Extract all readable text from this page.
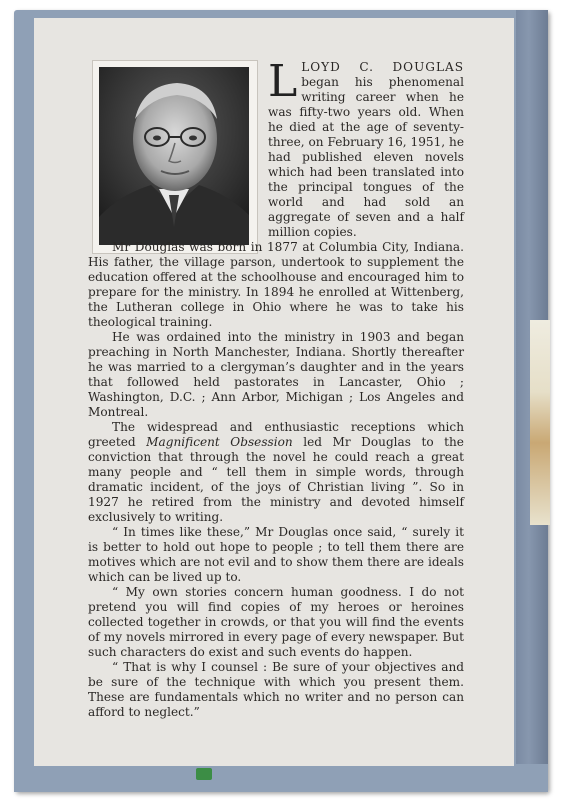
L LOYD C. DOUGLAS began his phenomenal writing career when he was fifty-two years old. When he died at the age of seventy-three, on February 16, 1951, he had published eleven novels which had been translated into the principal tongues of the world and had sold an aggregate of seven and a half million copies.

Mr Douglas was born in 1877 at Columbia City, Indiana. His father, the village parson, undertook to supplement the education offered at the schoolhouse and encouraged him to prepare for the ministry. In 1894 he enrolled at Wittenberg, the Lutheran college in Ohio where he was to take his theological training.

He was ordained into the ministry in 1903 and began preaching in North Manchester, Indiana. Shortly thereafter he was married to a clergyman’s daughter and in the years that followed held pastorates in Lancaster, Ohio ; Washington, D.C. ; Ann Arbor, Michigan ; Los Angeles and Montreal.

The widespread and enthusiastic receptions which greeted Magnificent Obsession led Mr Douglas to the conviction that through the novel he could reach a great many people and “ tell them in simple words, through dramatic incident, of the joys of Christian living ”. So in 1927 he retired from the ministry and devoted himself exclusively to writing.

“ In times like these,” Mr Douglas once said, “ surely it is better to hold out hope to people ; to tell them there are motives which are not evil and to show them there are ideals which can be lived up to.

“ My own stories concern human goodness. I do not pretend you will find copies of my heroes or heroines collected together in crowds, or that you will find the events of my novels mirrored in every page of every newspaper. But such characters do exist and such events do happen.

“ That is why I counsel : Be sure of your objectives and be sure of the technique with which you present them. These are fundamentals which no writer and no person can afford to neglect.”
